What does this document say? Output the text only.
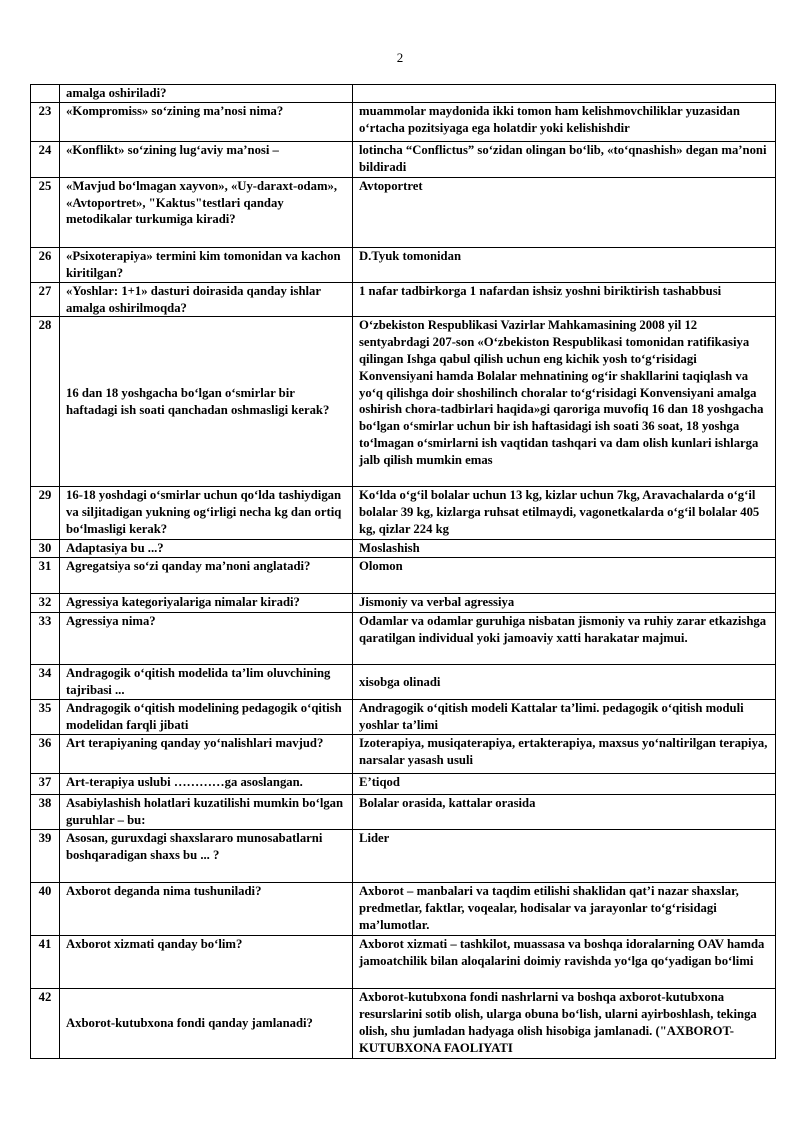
2
	amalga oshiriladi?	
23	«Kompromiss» so‘zining ma’nosi nima?	muammolar maydonida ikki tomon ham kelishmovchiliklar yuzasidan o‘rtacha pozitsiyaga ega holatdir yoki kelishishdir
24	«Konflikt» so‘zining lug‘aviy ma’nosi –	lotincha “Conflictus” so‘zidan olingan bo‘lib, «to‘qnashish» degan ma’noni bildiradi
25	«Mavjud bo‘lmagan xayvon», «Uy-daraxt-odam», «Avtoportret», "Kaktus"testlari qanday metodikalar turkumiga kiradi?	Avtoportret
26	«Psixoterapiya» termini kim tomonidan va kachon kiritilgan?	D.Tyuk tomonidan
27	«Yoshlar: 1+1» dasturi doirasida qanday ishlar amalga oshirilmoqda?	1 nafar tadbirkorga 1 nafardan ishsiz yoshni biriktirish tashabbusi
28	16 dan 18 yoshgacha bo‘lgan o‘smirlar bir haftadagi ish soati qanchadan oshmasligi kerak?	O‘zbekiston Respublikasi Vazirlar Mahkamasining 2008 yil 12 sentyabrdagi 207-son «O‘zbekiston Respublikasi tomonidan ratifikasiya qilingan Ishga qabul qilish uchun eng kichik yosh to‘g‘risidagi Konvensiyani hamda Bolalar mehnatining og‘ir shakllarini taqiqlash va yo‘q qilishga doir shoshilinch choralar to‘g‘risidagi Konvensiyani amalga oshirish chora-tadbirlari haqida»gi qaroriga muvofiq 16 dan 18 yoshgacha bo‘lgan o‘smirlar uchun bir ish haftasidagi ish soati 36 soat, 18 yoshga to‘lmagan o‘smirlarni ish vaqtidan tashqari va dam olish kunlari ishlarga jalb qilish mumkin emas
29	16-18 yoshdagi o‘smirlar uchun qo‘lda tashiydigan va siljitadigan yukning og‘irligi necha kg dan ortiq bo‘lmasligi kerak?	Ko‘lda o‘g‘il bolalar uchun 13 kg, kizlar uchun 7kg, Aravachalarda o‘g‘il bolalar 39 kg, kizlarga ruhsat etilmaydi, vagonetkalarda o‘g‘il bolalar 405 kg, qizlar 224 kg
30	Adaptasiya bu ...?	Moslashish
31	Agregatsiya so‘zi qanday ma’noni anglatadi?	Olomon
32	Agressiya kategoriyalariga nimalar kiradi?	Jismoniy va verbal agressiya
33	Agressiya nima?	Odamlar va odamlar guruhiga nisbatan jismoniy va ruhiy zarar etkazishga qaratilgan individual yoki jamoaviy xatti harakatar majmui.
34	Andragogik o‘qitish modelida ta’lim oluvchining tajribasi ...	xisobga olinadi
35	Andragogik o‘qitish modelining pedagogik o‘qitish modelidan farqli jibati	Andragogik o‘qitish modeli Kattalar ta’limi. pedagogik o‘qitish moduli yoshlar ta’limi
36	Art terapiyaning qanday yo‘nalishlari mavjud?	Izoterapiya, musiqaterapiya, ertakterapiya, maxsus yo‘naltirilgan terapiya, narsalar yasash usuli
37	Art-terapiya uslubi …………ga asoslangan.	E’tiqod
38	Asabiylashish holatlari kuzatilishi mumkin bo‘lgan guruhlar – bu:	Bolalar orasida, kattalar orasida
39	Asosan, guruxdagi shaxslararo munosabatlarni boshqaradigan shaxs bu ... ?	Lider
40	Axborot deganda nima tushuniladi?	Axborot – manbalari va taqdim etilishi shaklidan qat’i nazar shaxslar, predmetlar, faktlar, voqealar, hodisalar va jarayonlar to‘g‘risidagi ma’lumotlar.
41	Axborot xizmati qanday bo‘lim?	Axborot xizmati – tashkilot, muassasa va boshqa idoralarning OAV hamda jamoatchilik bilan aloqalarini doimiy ravishda yo‘lga qo‘yadigan bo‘limi
42	Axborot-kutubxona fondi qanday jamlanadi?	Axborot-kutubxona fondi nashrlarni va boshqa axborot-kutubxona resurslarini sotib olish, ularga obuna bo‘lish, ularni ayirboshlash, tekinga olish, shu jumladan hadyaga olish hisobiga jamlanadi. ("AXBOROT-KUTUBXONA FAOLIYATI
